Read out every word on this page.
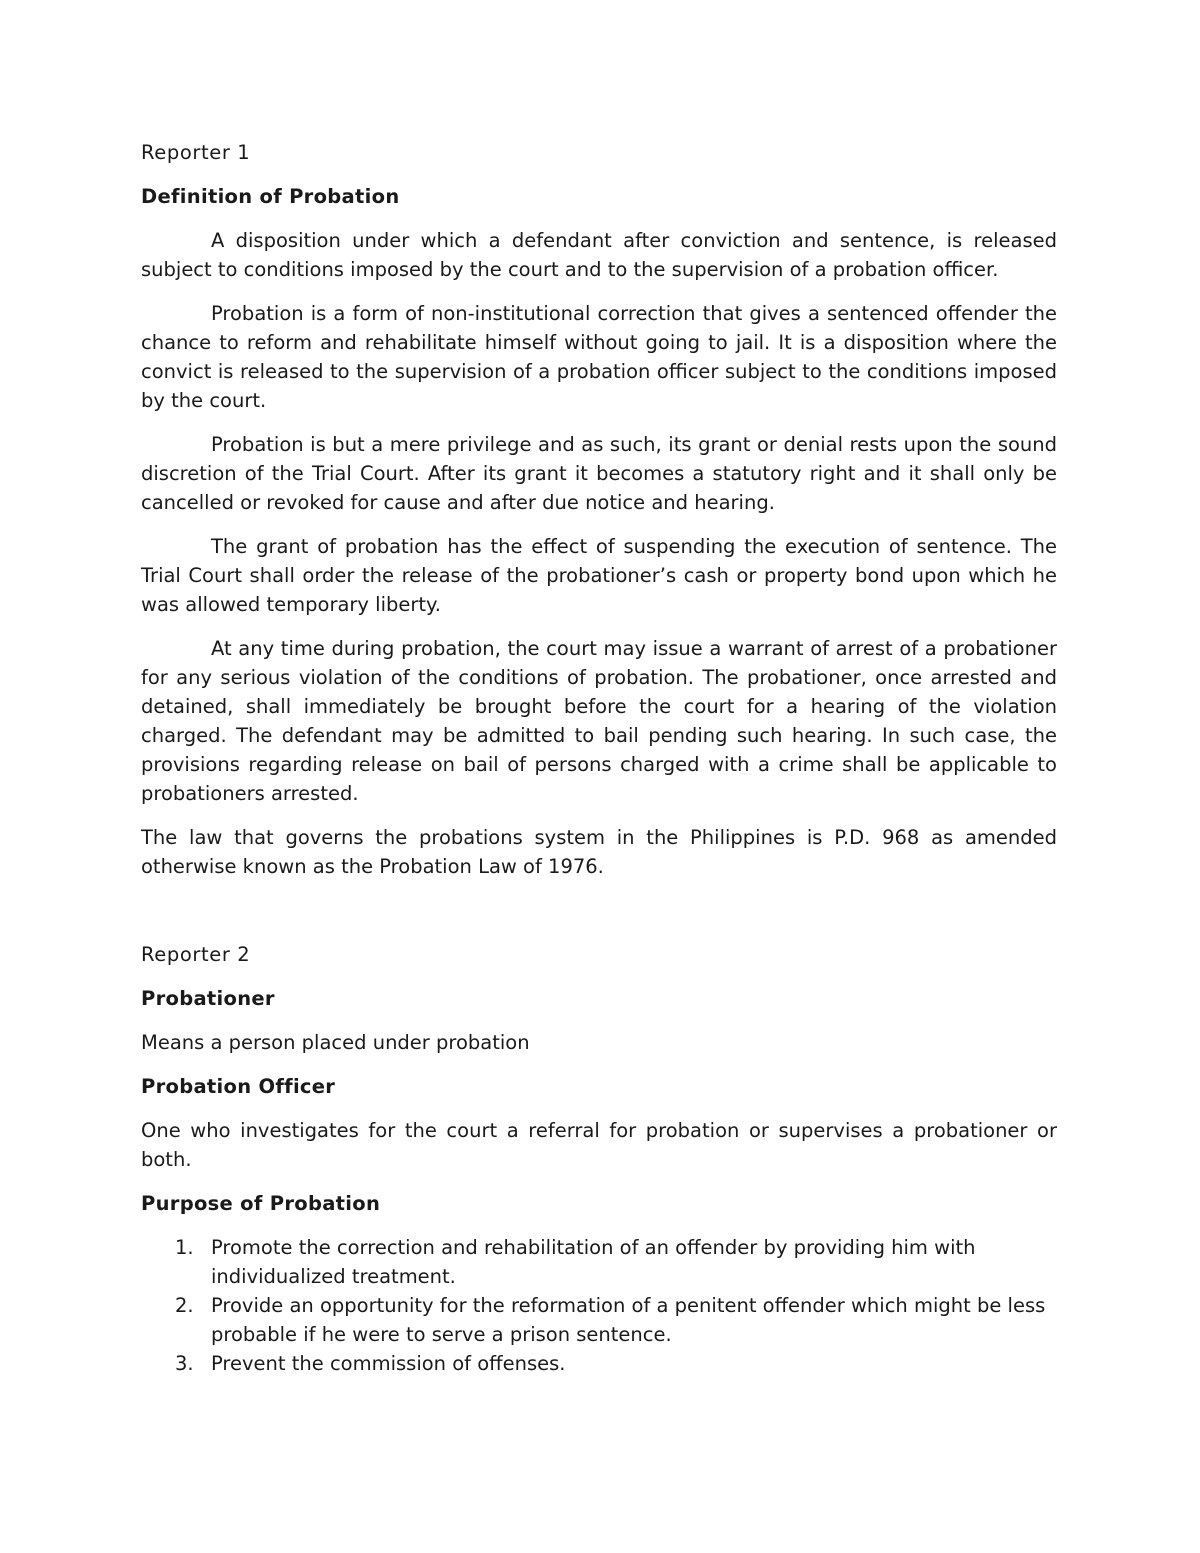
Reporter 1
Definition of Probation

A disposition under which a defendant after conviction and sentence, is released subject to conditions imposed by the court and to the supervision of a probation officer.

Probation is a form of non-institutional correction that gives a sentenced offender the chance to reform and rehabilitate himself without going to jail. It is a disposition where the convict is released to the supervision of a probation officer subject to the conditions imposed by the court.

Probation is but a mere privilege and as such, its grant or denial rests upon the sound discretion of the Trial Court. After its grant it becomes a statutory right and it shall only be cancelled or revoked for cause and after due notice and hearing.

The grant of probation has the effect of suspending the execution of sentence. The Trial Court shall order the release of the probationer’s cash or property bond upon which he was allowed temporary liberty.

At any time during probation, the court may issue a warrant of arrest of a probationer for any serious violation of the conditions of probation. The probationer, once arrested and detained, shall immediately be brought before the court for a hearing of the violation charged. The defendant may be admitted to bail pending such hearing. In such case, the provisions regarding release on bail of persons charged with a crime shall be applicable to probationers arrested.

The law that governs the probations system in the Philippines is P.D. 968 as amended otherwise known as the Probation Law of 1976.

Reporter 2
Probationer

Means a person placed under probation

Probation Officer

One who investigates for the court a referral for probation or supervises a probationer or both.

Purpose of Probation
1. Promote the correction and rehabilitation of an offender by providing him with individualized treatment.
2. Provide an opportunity for the reformation of a penitent offender which might be less probable if he were to serve a prison sentence.
3. Prevent the commission of offenses.
